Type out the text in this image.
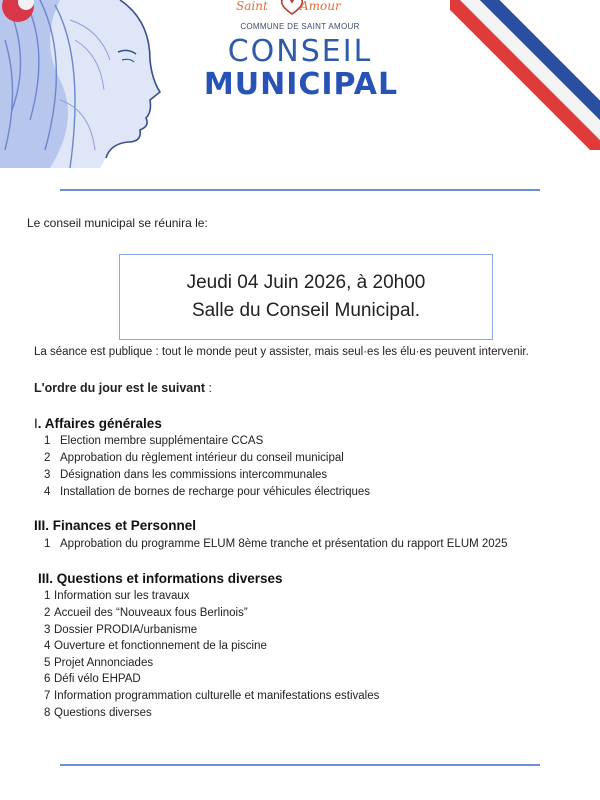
Saint	Amour
COMMUNE DE SAINT AMOUR
CONSEIL
MUNICIPAL
Le conseil municipal se réunira le:
Jeudi 04 Juin 2026, à 20h00
Salle du Conseil Municipal.
La séance est publique : tout le monde peut y assister, mais seul·es les élu·es peuvent intervenir.
L'ordre du jour est le suivant :
I. Affaires générales
1 Election membre supplémentaire CCAS
2 Approbation du règlement intérieur du conseil municipal
3 Désignation dans les commissions intercommunales
4 Installation de bornes de recharge pour véhicules électriques
III. Finances et Personnel
1 Approbation du programme ELUM 8ème tranche et présentation du rapport ELUM 2025
III. Questions et informations diverses
1 Information sur les travaux
2 Accueil des “Nouveaux fous Berlinois”
3 Dossier PRODIA/urbanisme
4 Ouverture et fonctionnement de la piscine
5 Projet Annonciades
6 Défi vélo EHPAD
7 Information programmation culturelle et manifestations estivales
8 Questions diverses
